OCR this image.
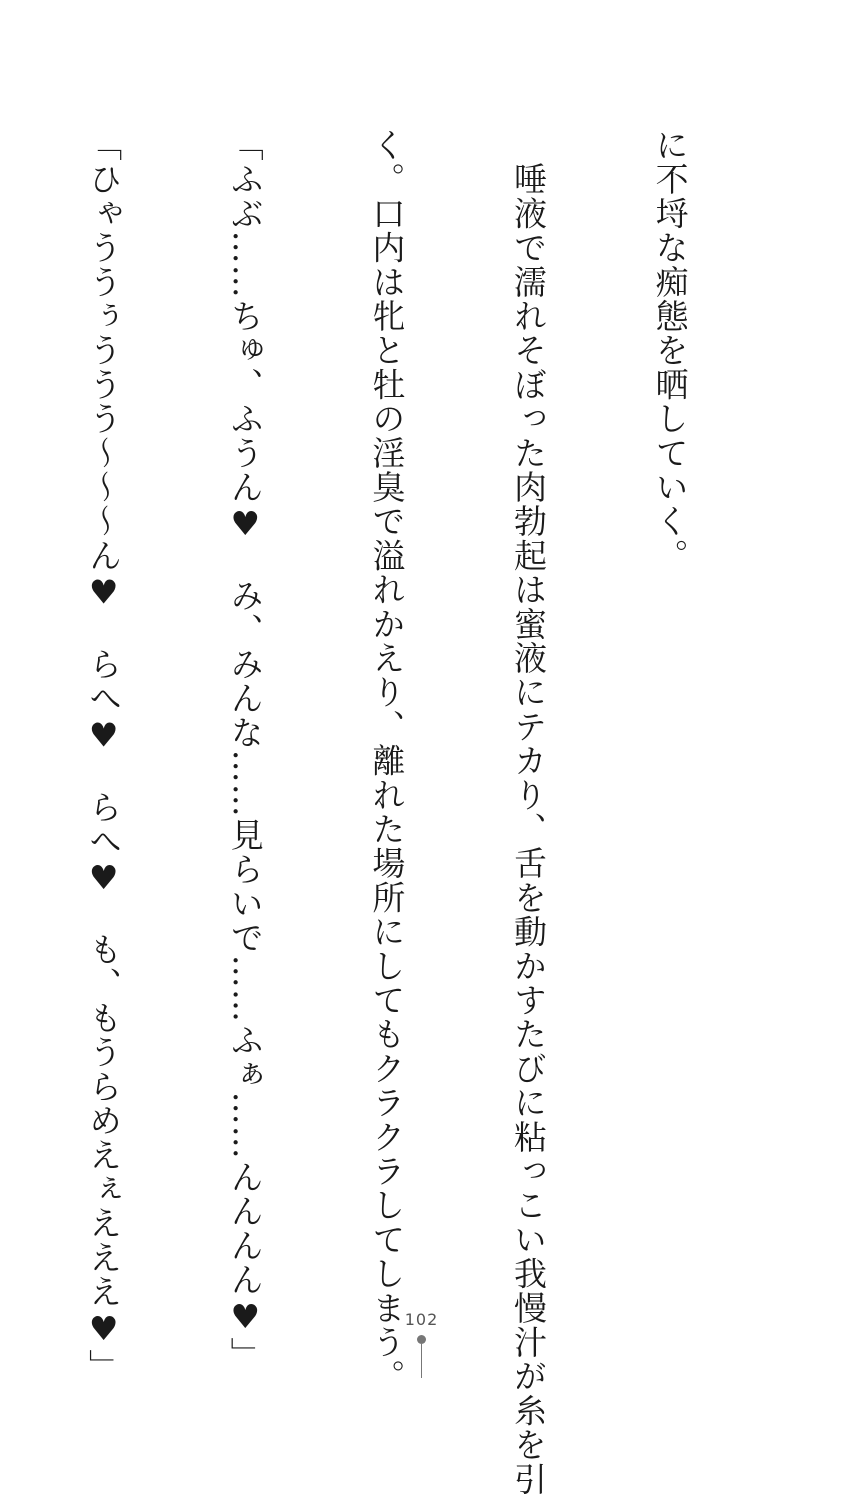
に不埒な痴態を晒していく。

　唾液で濡れそぼった肉勃起は蜜液にテカり、舌を動かすたびに粘っこい我慢汁が糸を引

く。口内は牝と牡の淫臭で溢れかえり、離れた場所にしてもクラクラしてしまう。

「ふぶ……ちゅ、ふうん♥　み、みんな……見らいで……ふぁ……んんんん♥」

「ひゃううぅううう〜〜〜ん♥　らへ♥　らへ♥　も、もうらめえぇえええ♥」

	102
